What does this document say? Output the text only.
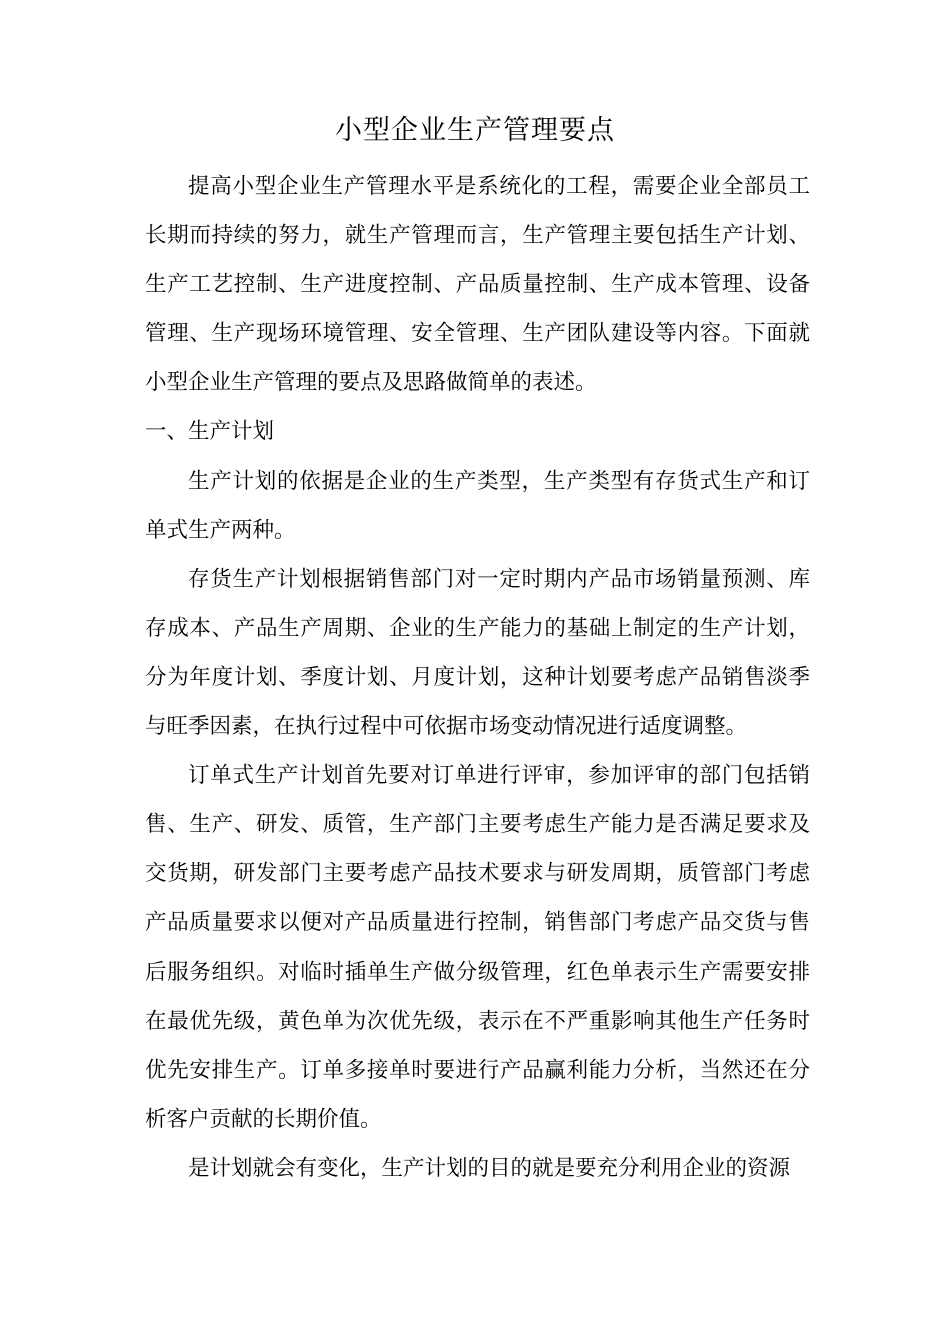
小型企业生产管理要点

提高小型企业生产管理水平是系统化的工程，需要企业全部员工长期而持续的努力，就生产管理而言，生产管理主要包括生产计划、生产工艺控制、生产进度控制、产品质量控制、生产成本管理、设备管理、生产现场环境管理、安全管理、生产团队建设等内容。下面就小型企业生产管理的要点及思路做简单的表述。

一、生产计划

生产计划的依据是企业的生产类型，生产类型有存货式生产和订单式生产两种。

存货生产计划根据销售部门对一定时期内产品市场销量预测、库存成本、产品生产周期、企业的生产能力的基础上制定的生产计划，分为年度计划、季度计划、月度计划，这种计划要考虑产品销售淡季与旺季因素，在执行过程中可依据市场变动情况进行适度调整。

订单式生产计划首先要对订单进行评审，参加评审的部门包括销售、生产、研发、质管，生产部门主要考虑生产能力是否满足要求及交货期，研发部门主要考虑产品技术要求与研发周期，质管部门考虑产品质量要求以便对产品质量进行控制，销售部门考虑产品交货与售后服务组织。对临时插单生产做分级管理，红色单表示生产需要安排在最优先级，黄色单为次优先级，表示在不严重影响其他生产任务时优先安排生产。订单多接单时要进行产品赢利能力分析，当然还在分析客户贡献的长期价值。

是计划就会有变化，生产计划的目的就是要充分利用企业的资源
